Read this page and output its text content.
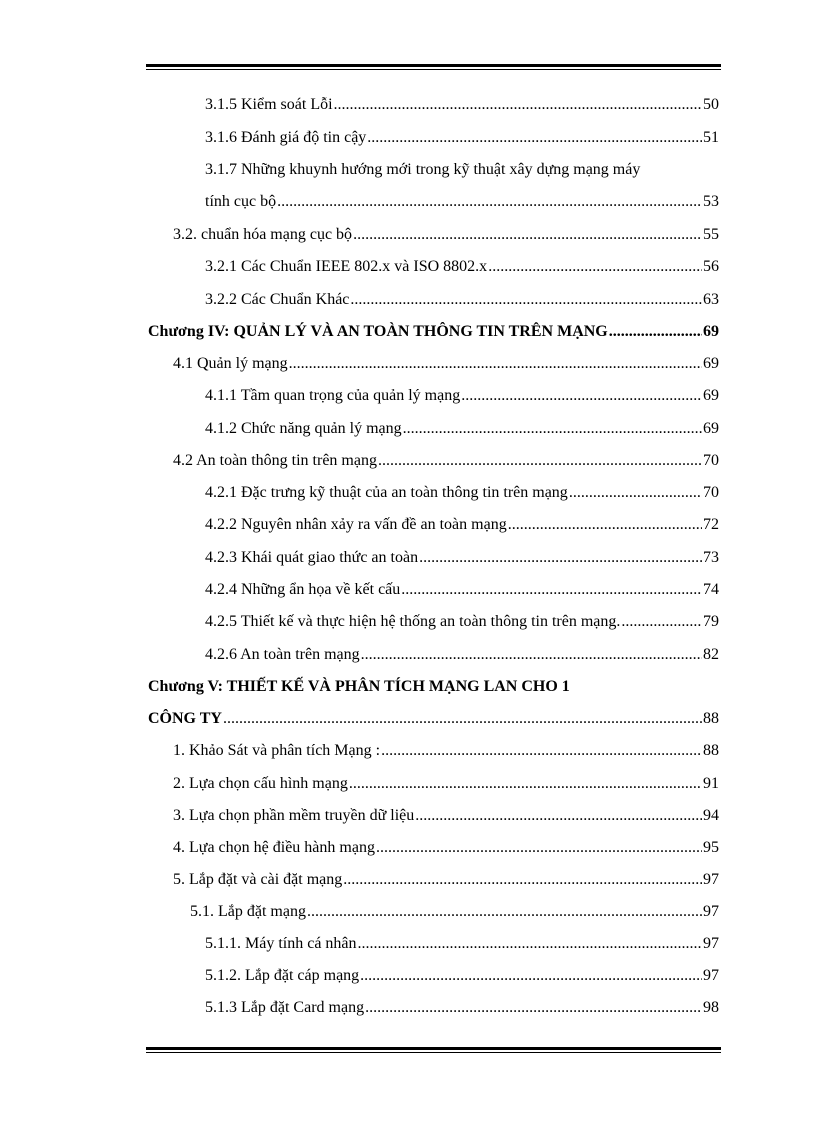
3.1.5 Kiểm soát Lỗi .....	50
3.1.6 Đánh giá độ tin cậy .....	51
3.1.7 Những khuynh hướng mới trong kỹ thuật xây dựng mạng máy
tính cục bộ .....	53
3.2. chuẩn hóa mạng cục bộ .....	55
3.2.1 Các Chuẩn IEEE 802.x và ISO 8802.x .....	56
3.2.2 Các Chuẩn Khác .....	63
Chương IV: QUẢN LÝ VÀ AN TOÀN THÔNG TIN TRÊN MẠNG .....	69
4.1 Quản lý mạng .....	69
4.1.1 Tầm quan trọng của quản lý mạng .....	69
4.1.2 Chức năng quản lý mạng .....	69
4.2 An toàn thông tin trên mạng .....	70
4.2.1 Đặc trưng kỹ thuật của an toàn thông tin trên mạng .....	70
4.2.2 Nguyên nhân xảy ra vấn đề an toàn mạng .....	72
4.2.3 Khái quát giao thức an toàn .....	73
4.2.4 Những ẩn họa về kết cấu .....	74
4.2.5 Thiết kế và thực hiện hệ thống an toàn thông tin trên mạng. .....	79
4.2.6 An toàn trên mạng .....	82
Chương V: THIẾT KẾ VÀ PHÂN TÍCH MẠNG LAN CHO 1
CÔNG TY .....	88
1. Khảo Sát và phân tích Mạng : .....	88
2. Lựa chọn cấu hình mạng .....	91
3. Lựa chọn phần mềm truyền dữ liệu .....	94
4. Lựa chọn hệ điều hành mạng .....	95
5. Lắp đặt và cài đặt mạng .....	97
5.1. Lắp đặt mạng .....	97
5.1.1. Máy tính cá nhân .....	97
5.1.2. Lắp đặt cáp mạng .....	97
5.1.3 Lắp đặt Card mạng .....	98
